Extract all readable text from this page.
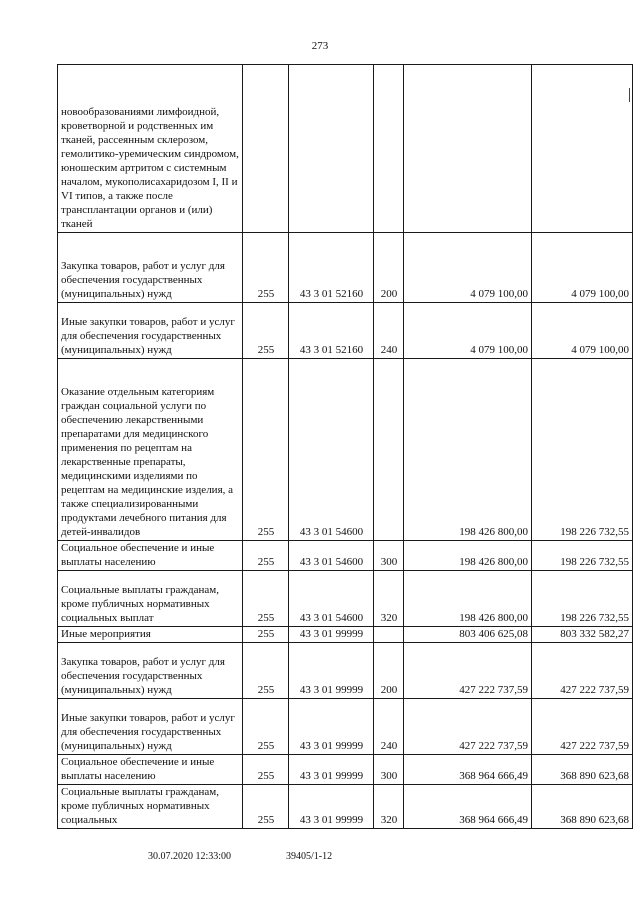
273
новообразованиями лимфоидной, кроветворной и родственных им тканей, рассеянным склерозом, гемолитико-уремическим синдромом, юношеским артритом с системным началом, мукополисахаридозом I, II и VI типов, а также после трансплантации органов и (или) тканей					
Закупка товаров, работ и услуг для обеспечения государственных (муниципальных) нужд	255	43 3 01 52160	200	4 079 100,00	4 079 100,00
Иные закупки товаров, работ и услуг для обеспечения государственных (муниципальных) нужд	255	43 3 01 52160	240	4 079 100,00	4 079 100,00
Оказание отдельным категориям граждан социальной услуги по обеспечению лекарственными препаратами для медицинского применения по рецептам на лекарственные препараты, медицинскими изделиями по рецептам на медицинские изделия, а также специализированными продуктами лечебного питания для детей-инвалидов	255	43 3 01 54600		198 426 800,00	198 226 732,55
Социальное обеспечение и иные выплаты населению	255	43 3 01 54600	300	198 426 800,00	198 226 732,55
Социальные выплаты гражданам, кроме публичных нормативных социальных выплат	255	43 3 01 54600	320	198 426 800,00	198 226 732,55
Иные мероприятия	255	43 3 01 99999		803 406 625,08	803 332 582,27
Закупка товаров, работ и услуг для обеспечения государственных (муниципальных) нужд	255	43 3 01 99999	200	427 222 737,59	427 222 737,59
Иные закупки товаров, работ и услуг для обеспечения государственных (муниципальных) нужд	255	43 3 01 99999	240	427 222 737,59	427 222 737,59
Социальное обеспечение и иные выплаты населению	255	43 3 01 99999	300	368 964 666,49	368 890 623,68
Социальные выплаты гражданам, кроме публичных нормативных социальных	255	43 3 01 99999	320	368 964 666,49	368 890 623,68
30.07.2020 12:33:00	39405/1-12
